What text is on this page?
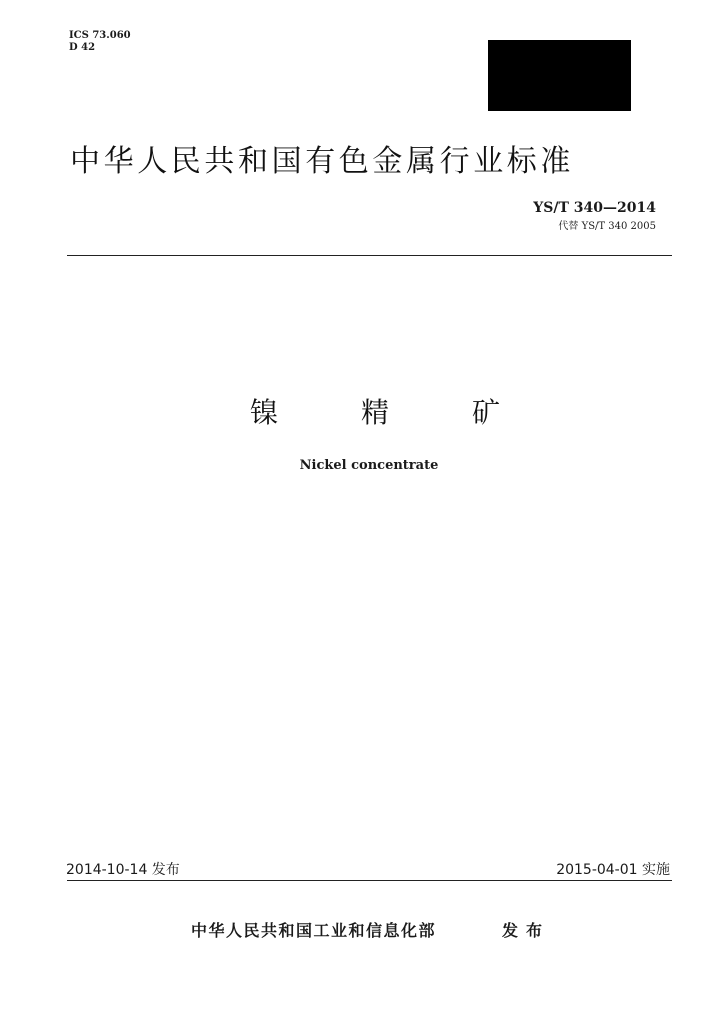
ICS 73.060
D 42
中华人民共和国有色金属行业标准
YS/T 340—2014
代替 YS/T 340 2005
镍	精	矿
Nickel concentrate
2014-10-14 发布	2015-04-01 实施
中华人民共和国工业和信息化部	发布
